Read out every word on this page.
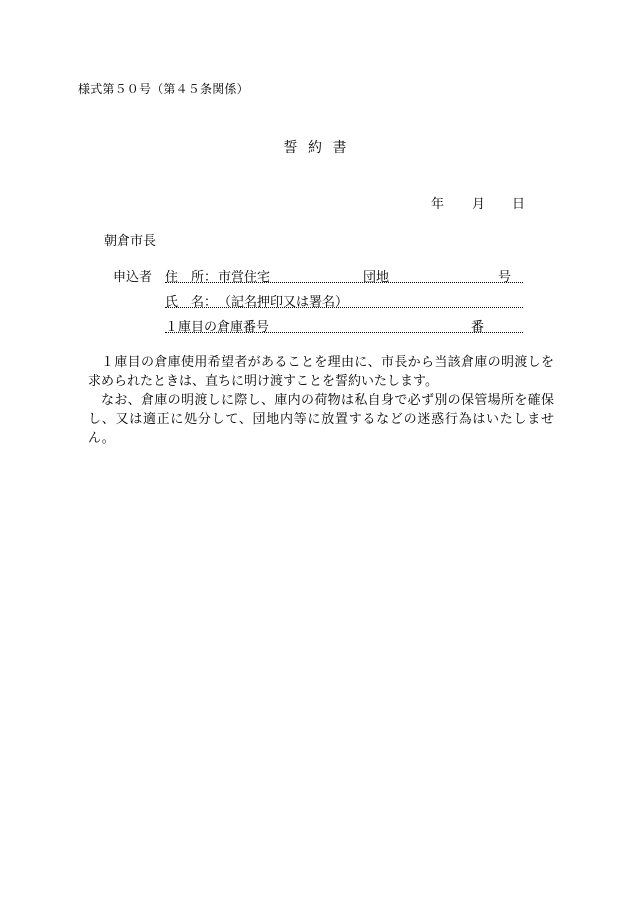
様式第５０号（第４５条関係）
誓 約 書
年 月 日
朝倉市長
申込者 住　所： 市営住宅	団地	号
氏　名： （記名押印又は署名）
１庫目の倉庫番号	番

１庫目の倉庫使用希望者があることを理由に、市長から当該倉庫の明渡しを求められたときは、直ちに明け渡すことを誓約いたします。

なお、倉庫の明渡しに際し、庫内の荷物は私自身で必ず別の保管場所を確保し、又は適正に処分して、団地内等に放置するなどの迷惑行為はいたしません。
